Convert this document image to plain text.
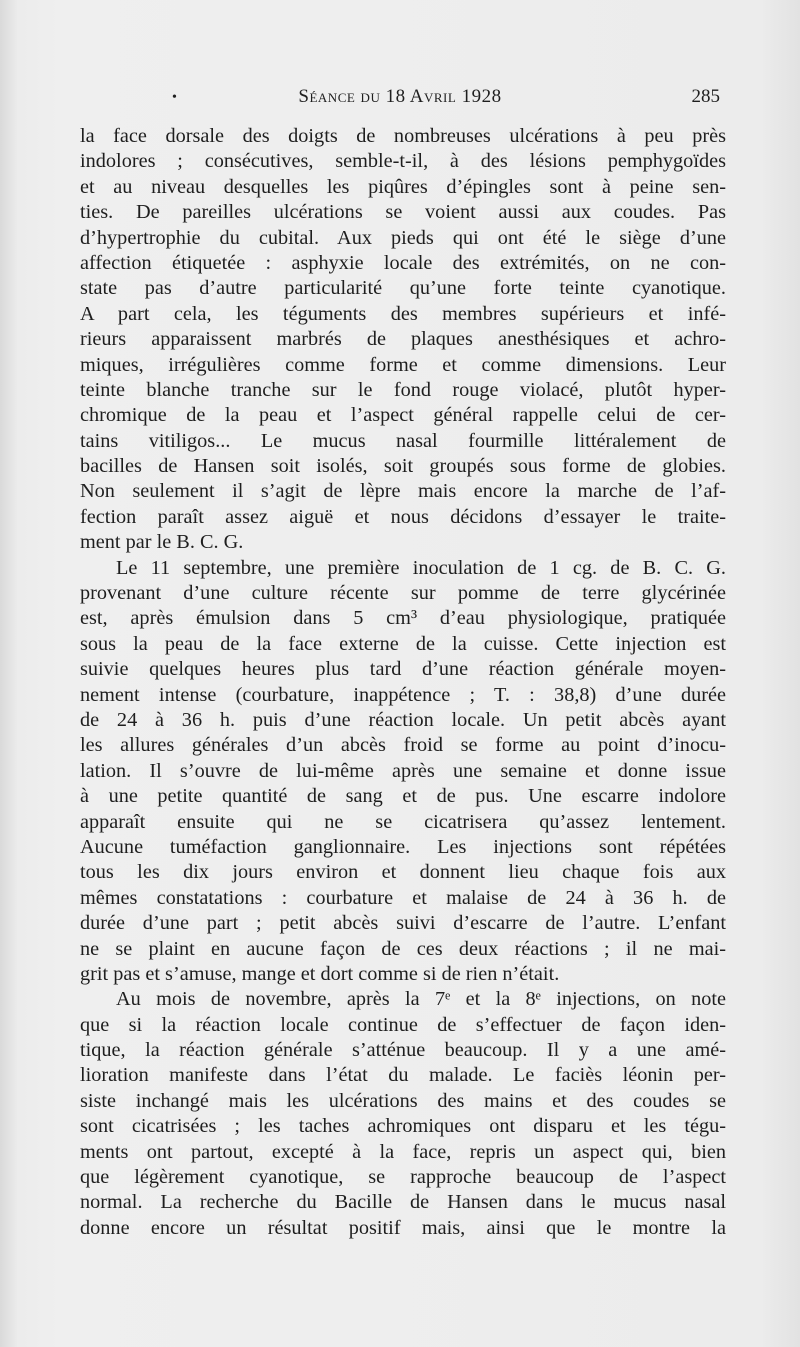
•	Séance du 18 Avril 1928	285
la face dorsale des doigts de nombreuses ulcérations à peu près
indolores ; consécutives, semble-t-il, à des lésions pemphygoïdes
et au niveau desquelles les piqûres d’épingles sont à peine sen-
ties. De pareilles ulcérations se voient aussi aux coudes. Pas
d’hypertrophie du cubital. Aux pieds qui ont été le siège d’une
affection étiquetée : asphyxie locale des extrémités, on ne con-
state pas d’autre particularité qu’une forte teinte cyanotique.
A part cela, les téguments des membres supérieurs et infé-
rieurs apparaissent marbrés de plaques anesthésiques et achro-
miques, irrégulières comme forme et comme dimensions. Leur
teinte blanche tranche sur le fond rouge violacé, plutôt hyper-
chromique de la peau et l’aspect général rappelle celui de cer-
tains vitiligos... Le mucus nasal fourmille littéralement de
bacilles de Hansen soit isolés, soit groupés sous forme de globies.
Non seulement il s’agit de lèpre mais encore la marche de l’af-
fection paraît assez aiguë et nous décidons d’essayer le traite-
ment par le B. C. G.
Le 11 septembre, une première inoculation de 1 cg. de B. C. G.
provenant d’une culture récente sur pomme de terre glycérinée
est, après émulsion dans 5 cm³ d’eau physiologique, pratiquée
sous la peau de la face externe de la cuisse. Cette injection est
suivie quelques heures plus tard d’une réaction générale moyen-
nement intense (courbature, inappétence ; T. : 38,8) d’une durée
de 24 à 36 h. puis d’une réaction locale. Un petit abcès ayant
les allures générales d’un abcès froid se forme au point d’inocu-
lation. Il s’ouvre de lui-même après une semaine et donne issue
à une petite quantité de sang et de pus. Une escarre indolore
apparaît ensuite qui ne se cicatrisera qu’assez lentement.
Aucune tuméfaction ganglionnaire. Les injections sont répétées
tous les dix jours environ et donnent lieu chaque fois aux
mêmes constatations : courbature et malaise de 24 à 36 h. de
durée d’une part ; petit abcès suivi d’escarre de l’autre. L’enfant
ne se plaint en aucune façon de ces deux réactions ; il ne mai-
grit pas et s’amuse, mange et dort comme si de rien n’était.
Au mois de novembre, après la 7ᵉ et la 8ᵉ injections, on note
que si la réaction locale continue de s’effectuer de façon iden-
tique, la réaction générale s’atténue beaucoup. Il y a une amé-
lioration manifeste dans l’état du malade. Le faciès léonin per-
siste inchangé mais les ulcérations des mains et des coudes se
sont cicatrisées ; les taches achromiques ont disparu et les tégu-
ments ont partout, excepté à la face, repris un aspect qui, bien
que légèrement cyanotique, se rapproche beaucoup de l’aspect
normal. La recherche du Bacille de Hansen dans le mucus nasal
donne encore un résultat positif mais, ainsi que le montre la
